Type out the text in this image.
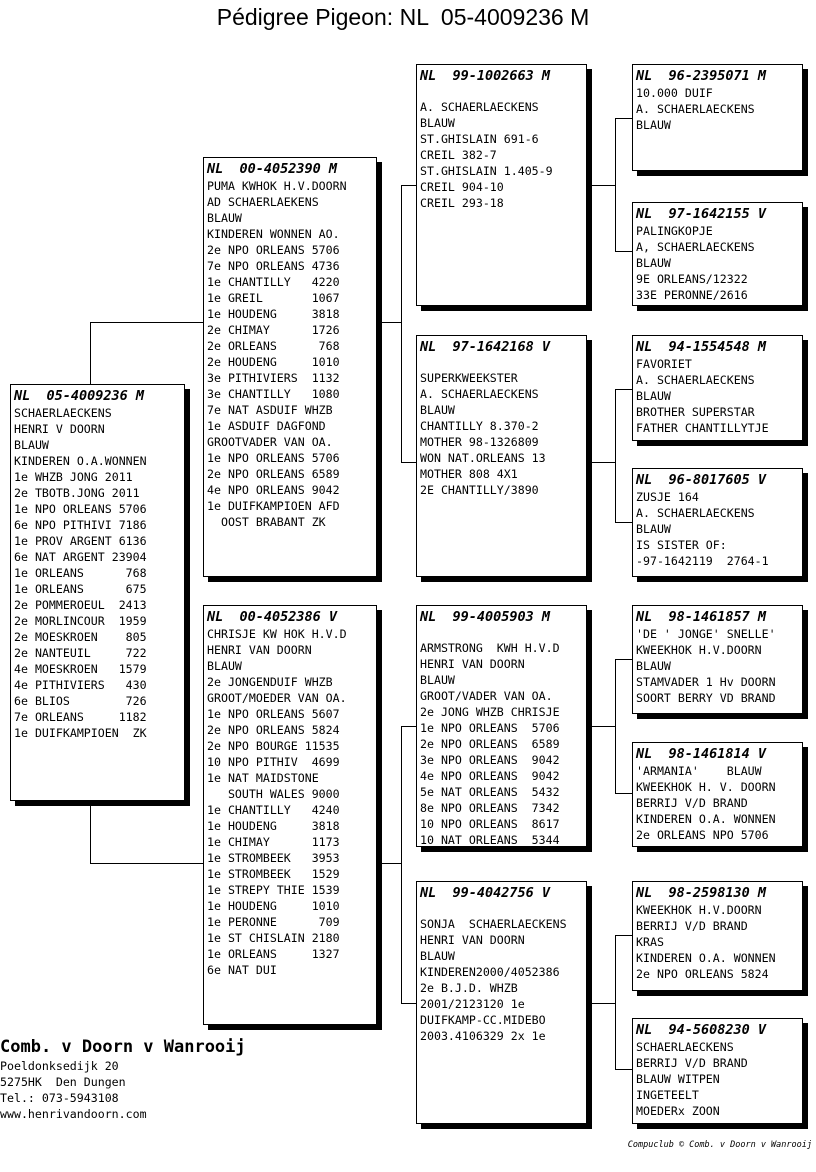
Pédigree Pigeon: NL  05-4009236 M
NL  05-4009236 M
SCHAERLAECKENS
HENRI V DOORN
BLAUW
KINDEREN O.A.WONNEN
1e WHZB JONG 2011
2e TBOTB.JONG 2011
1e NPO ORLEANS 5706
6e NPO PITHIVI 7186
1e PROV ARGENT 6136
6e NAT ARGENT 23904
1e ORLEANS      768
1e ORLEANS      675
2e POMMEROEUL  2413
2e MORLINCOUR  1959
2e MOESKROEN    805
2e NANTEUIL     722
4e MOESKROEN   1579
4e PITHIVIERS   430
6e BLIOS        726
7e ORLEANS     1182
1e DUIFKAMPIOEN  ZK
NL  00-4052390 M
PUMA KWHOK H.V.DOORN
AD SCHAERLAEKENS
BLAUW
KINDEREN WONNEN AO.
2e NPO ORLEANS 5706
7e NPO ORLEANS 4736
1e CHANTILLY   4220
1e GREIL       1067
1e HOUDENG     3818
2e CHIMAY      1726
2e ORLEANS      768
2e HOUDENG     1010
3e PITHIVIERS  1132
3e CHANTILLY   1080
7e NAT ASDUIF WHZB
1e ASDUIF DAGFOND
GROOTVADER VAN OA.
1e NPO ORLEANS 5706
2e NPO ORLEANS 6589
4e NPO ORLEANS 9042
1e DUIFKAMPIOEN AFD
OOST BRABANT ZK
NL  00-4052386 V
CHRISJE KW HOK H.V.D
HENRI VAN DOORN
BLAUW
2e JONGENDUIF WHZB
GROOT/MOEDER VAN OA.
1e NPO ORLEANS 5607
2e NPO ORLEANS 5824
2e NPO BOURGE 11535
10 NPO PITHIV  4699
1e NAT MAIDSTONE
SOUTH WALES 9000
1e CHANTILLY   4240
1e HOUDENG     3818
1e CHIMAY      1173
1e STROMBEEK   3953
1e STROMBEEK   1529
1e STREPY THIE 1539
1e HOUDENG     1010
1e PERONNE      709
1e ST CHISLAIN 2180
1e ORLEANS     1327
6e NAT DUI
NL  99-1002663 M
A. SCHAERLAECKENS
BLAUW
ST.GHISLAIN 691-6
CREIL 382-7
ST.GHISLAIN 1.405-9
CREIL 904-10
CREIL 293-18
NL  97-1642168 V
SUPERKWEEKSTER
A. SCHAERLAECKENS
BLAUW
CHANTILLY 8.370-2
MOTHER 98-1326809
WON NAT.ORLEANS 13
MOTHER 808 4X1
2E CHANTILLY/3890
NL  99-4005903 M
ARMSTRONG  KWH H.V.D
HENRI VAN DOORN
BLAUW
GROOT/VADER VAN OA.
2e JONG WHZB CHRISJE
1e NPO ORLEANS  5706
2e NPO ORLEANS  6589
3e NPO ORLEANS  9042
4e NPO ORLEANS  9042
5e NAT ORLEANS  5432
8e NPO ORLEANS  7342
10 NPO ORLEANS  8617
10 NAT ORLEANS  5344
NL  99-4042756 V
SONJA  SCHAERLAECKENS
HENRI VAN DOORN
BLAUW
KINDEREN2000/4052386
2e B.J.D. WHZB
2001/2123120 1e
DUIFKAMP-CC.MIDEBO
2003.4106329 2x 1e
NL  96-2395071 M
10.000 DUIF
A. SCHAERLAECKENS
BLAUW
NL  97-1642155 V
PALINGKOPJE
A, SCHAERLAECKENS
BLAUW
9E ORLEANS/12322
33E PERONNE/2616
NL  94-1554548 M
FAVORIET
A. SCHAERLAECKENS
BLAUW
BROTHER SUPERSTAR
FATHER CHANTILLYTJE
NL  96-8017605 V
ZUSJE 164
A. SCHAERLAECKENS
BLAUW
IS SISTER OF:
-97-1642119  2764-1
NL  98-1461857 M
'DE ' JONGE' SNELLE'
KWEEKHOK H.V.DOORN
BLAUW
STAMVADER 1 Hv DOORN
SOORT BERRY VD BRAND
NL  98-1461814 V
'ARMANIA'    BLAUW
KWEEKHOK H. V. DOORN
BERRIJ V/D BRAND
KINDEREN O.A. WONNEN
2e ORLEANS NPO 5706
NL  98-2598130 M
KWEEKHOK H.V.DOORN
BERRIJ V/D BRAND
KRAS
KINDEREN O.A. WONNEN
2e NPO ORLEANS 5824
NL  94-5608230 V
SCHAERLAECKENS
BERRIJ V/D BRAND
BLAUW WITPEN
INGETEELT
MOEDERx ZOON
Comb. v Doorn v Wanrooij
Poeldonksedijk 20
5275HK  Den Dungen
Tel.: 073-5943108
www.henrivandoorn.com
Compuclub © Comb. v Doorn v Wanrooij
